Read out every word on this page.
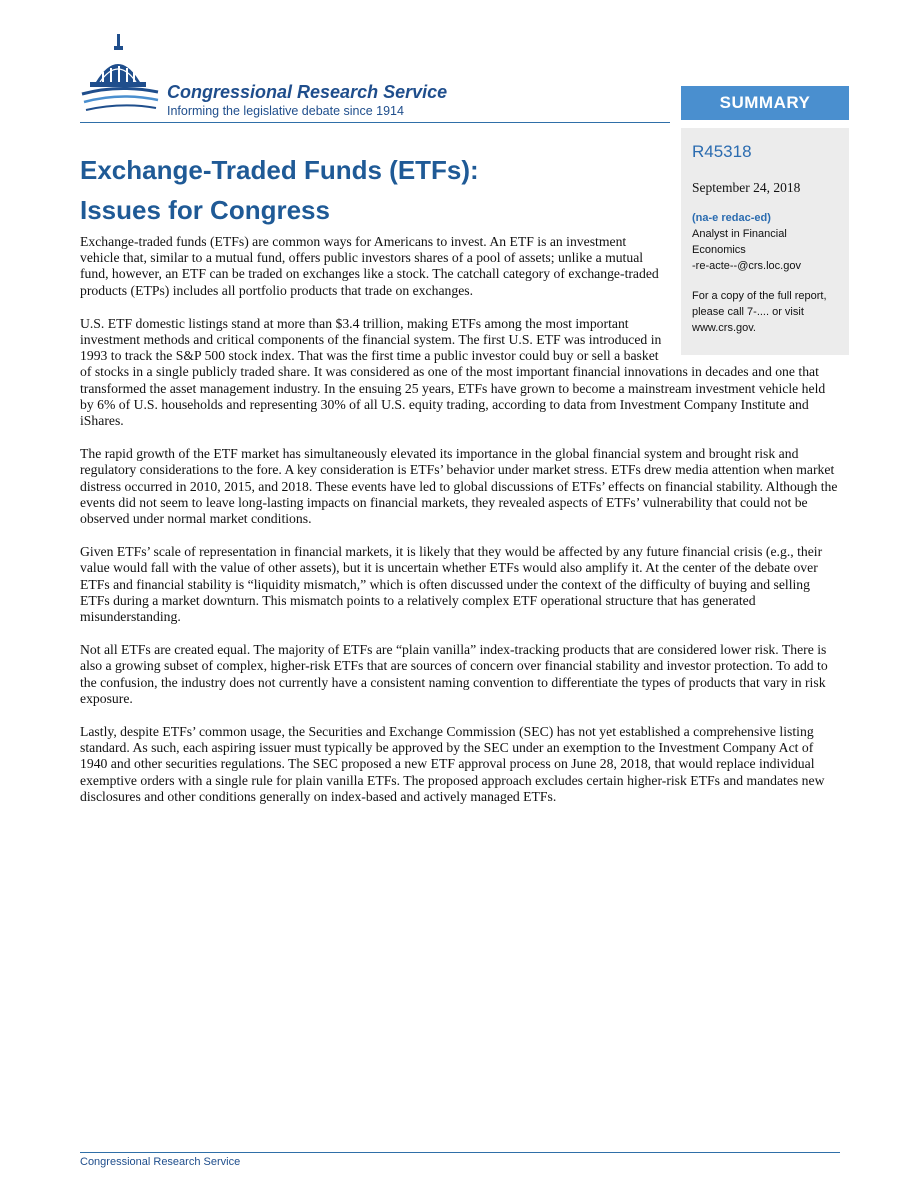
Congressional Research Service
Informing the legislative debate since 1914	SUMMARY
R45318
September 24, 2018
(na-e redac-ed)
Analyst in Financial
Economics
-re-acte--@crs.loc.gov
For a copy of the full report,
please call 7-.... or visit
www.crs.gov.
Exchange-Traded Funds (ETFs):
Issues for Congress

Exchange-traded funds (ETFs) are common ways for Americans to invest. An ETF is an investment vehicle that, similar to a mutual fund, offers public investors shares of a pool of assets; unlike a mutual fund, however, an ETF can be traded on exchanges like a stock. The catchall category of exchange-traded products (ETPs) includes all portfolio products that trade on exchanges.

U.S. ETF domestic listings stand at more than $3.4 trillion, making ETFs among the most important investment methods and critical components of the financial system. The first U.S. ETF was introduced in 1993 to track the S&P 500 stock index. That was the first time a public investor could buy or sell a basket of stocks in a single publicly traded share. It was considered as one of the most important financial innovations in decades and one that transformed the asset management industry. In the ensuing 25 years, ETFs have grown to become a mainstream investment vehicle held by 6% of U.S. households and representing 30% of all U.S. equity trading, according to data from Investment Company Institute and iShares.

The rapid growth of the ETF market has simultaneously elevated its importance in the global financial system and brought risk and regulatory considerations to the fore. A key consideration is ETFs’ behavior under market stress. ETFs drew media attention when market distress occurred in 2010, 2015, and 2018. These events have led to global discussions of ETFs’ effects on financial stability. Although the events did not seem to leave long-lasting impacts on financial markets, they revealed aspects of ETFs’ vulnerability that could not be observed under normal market conditions.

Given ETFs’ scale of representation in financial markets, it is likely that they would be affected by any future financial crisis (e.g., their value would fall with the value of other assets), but it is uncertain whether ETFs would also amplify it. At the center of the debate over ETFs and financial stability is “liquidity mismatch,” which is often discussed under the context of the difficulty of buying and selling ETFs during a market downturn. This mismatch points to a relatively complex ETF operational structure that has generated misunderstanding.

Not all ETFs are created equal. The majority of ETFs are “plain vanilla” index-tracking products that are considered lower risk. There is also a growing subset of complex, higher-risk ETFs that are sources of concern over financial stability and investor protection. To add to the confusion, the industry does not currently have a consistent naming convention to differentiate the types of products that vary in risk exposure.

Lastly, despite ETFs’ common usage, the Securities and Exchange Commission (SEC) has not yet established a comprehensive listing standard. As such, each aspiring issuer must typically be approved by the SEC under an exemption to the Investment Company Act of 1940 and other securities regulations. The SEC proposed a new ETF approval process on June 28, 2018, that would replace individual exemptive orders with a single rule for plain vanilla ETFs. The proposed approach excludes certain higher-risk ETFs and mandates new disclosures and other conditions generally on index-based and actively managed ETFs.

Congressional Research Service
